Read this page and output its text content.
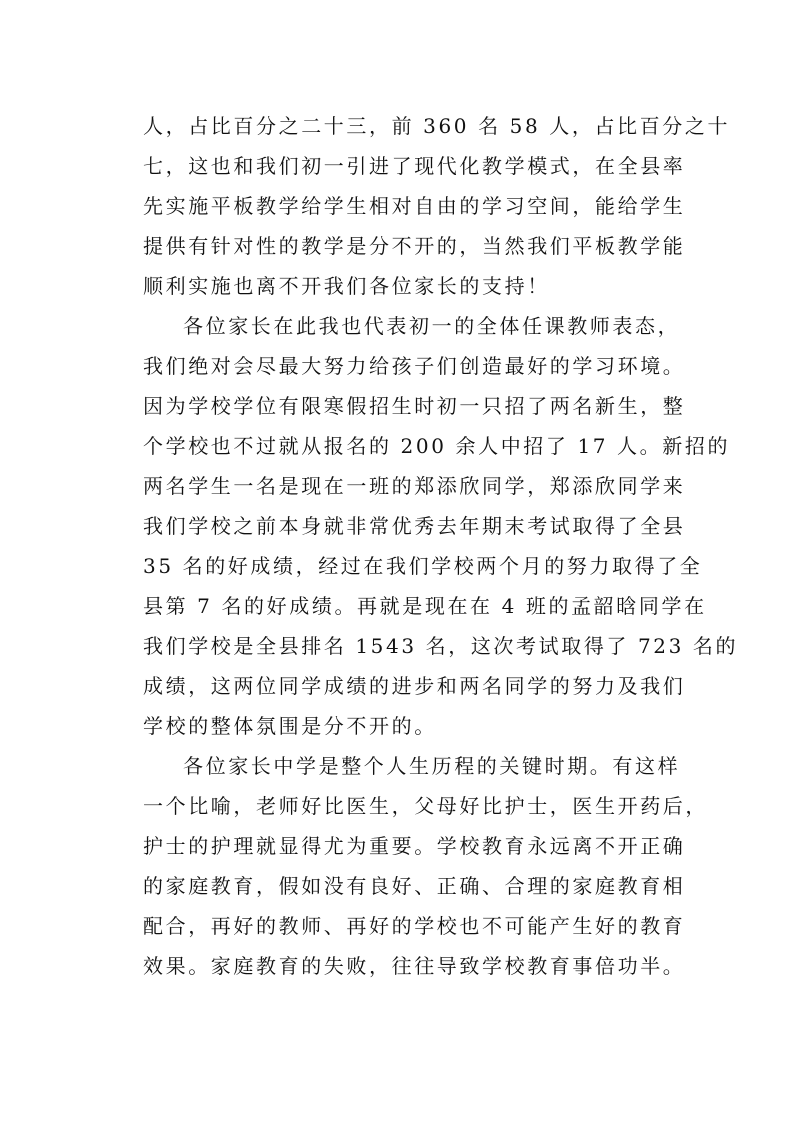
人，占比百分之二十三，前 360 名 58 人，占比百分之十
七，这也和我们初一引进了现代化教学模式，在全县率
先实施平板教学给学生相对自由的学习空间，能给学生
提供有针对性的教学是分不开的，当然我们平板教学能
顺利实施也离不开我们各位家长的支持！
各位家长在此我也代表初一的全体任课教师表态，
我们绝对会尽最大努力给孩子们创造最好的学习环境。
因为学校学位有限寒假招生时初一只招了两名新生，整
个学校也不过就从报名的 200 余人中招了 17 人。新招的
两名学生一名是现在一班的郑添欣同学，郑添欣同学来
我们学校之前本身就非常优秀去年期末考试取得了全县
35 名的好成绩，经过在我们学校两个月的努力取得了全
县第 7 名的好成绩。再就是现在在 4 班的孟韶晗同学在
我们学校是全县排名 1543 名，这次考试取得了 723 名的
成绩，这两位同学成绩的进步和两名同学的努力及我们
学校的整体氛围是分不开的。
各位家长中学是整个人生历程的关键时期。有这样
一个比喻，老师好比医生，父母好比护士，医生开药后，
护士的护理就显得尤为重要。学校教育永远离不开正确
的家庭教育，假如没有良好、正确、合理的家庭教育相
配合，再好的教师、再好的学校也不可能产生好的教育
效果。家庭教育的失败，往往导致学校教育事倍功半。
